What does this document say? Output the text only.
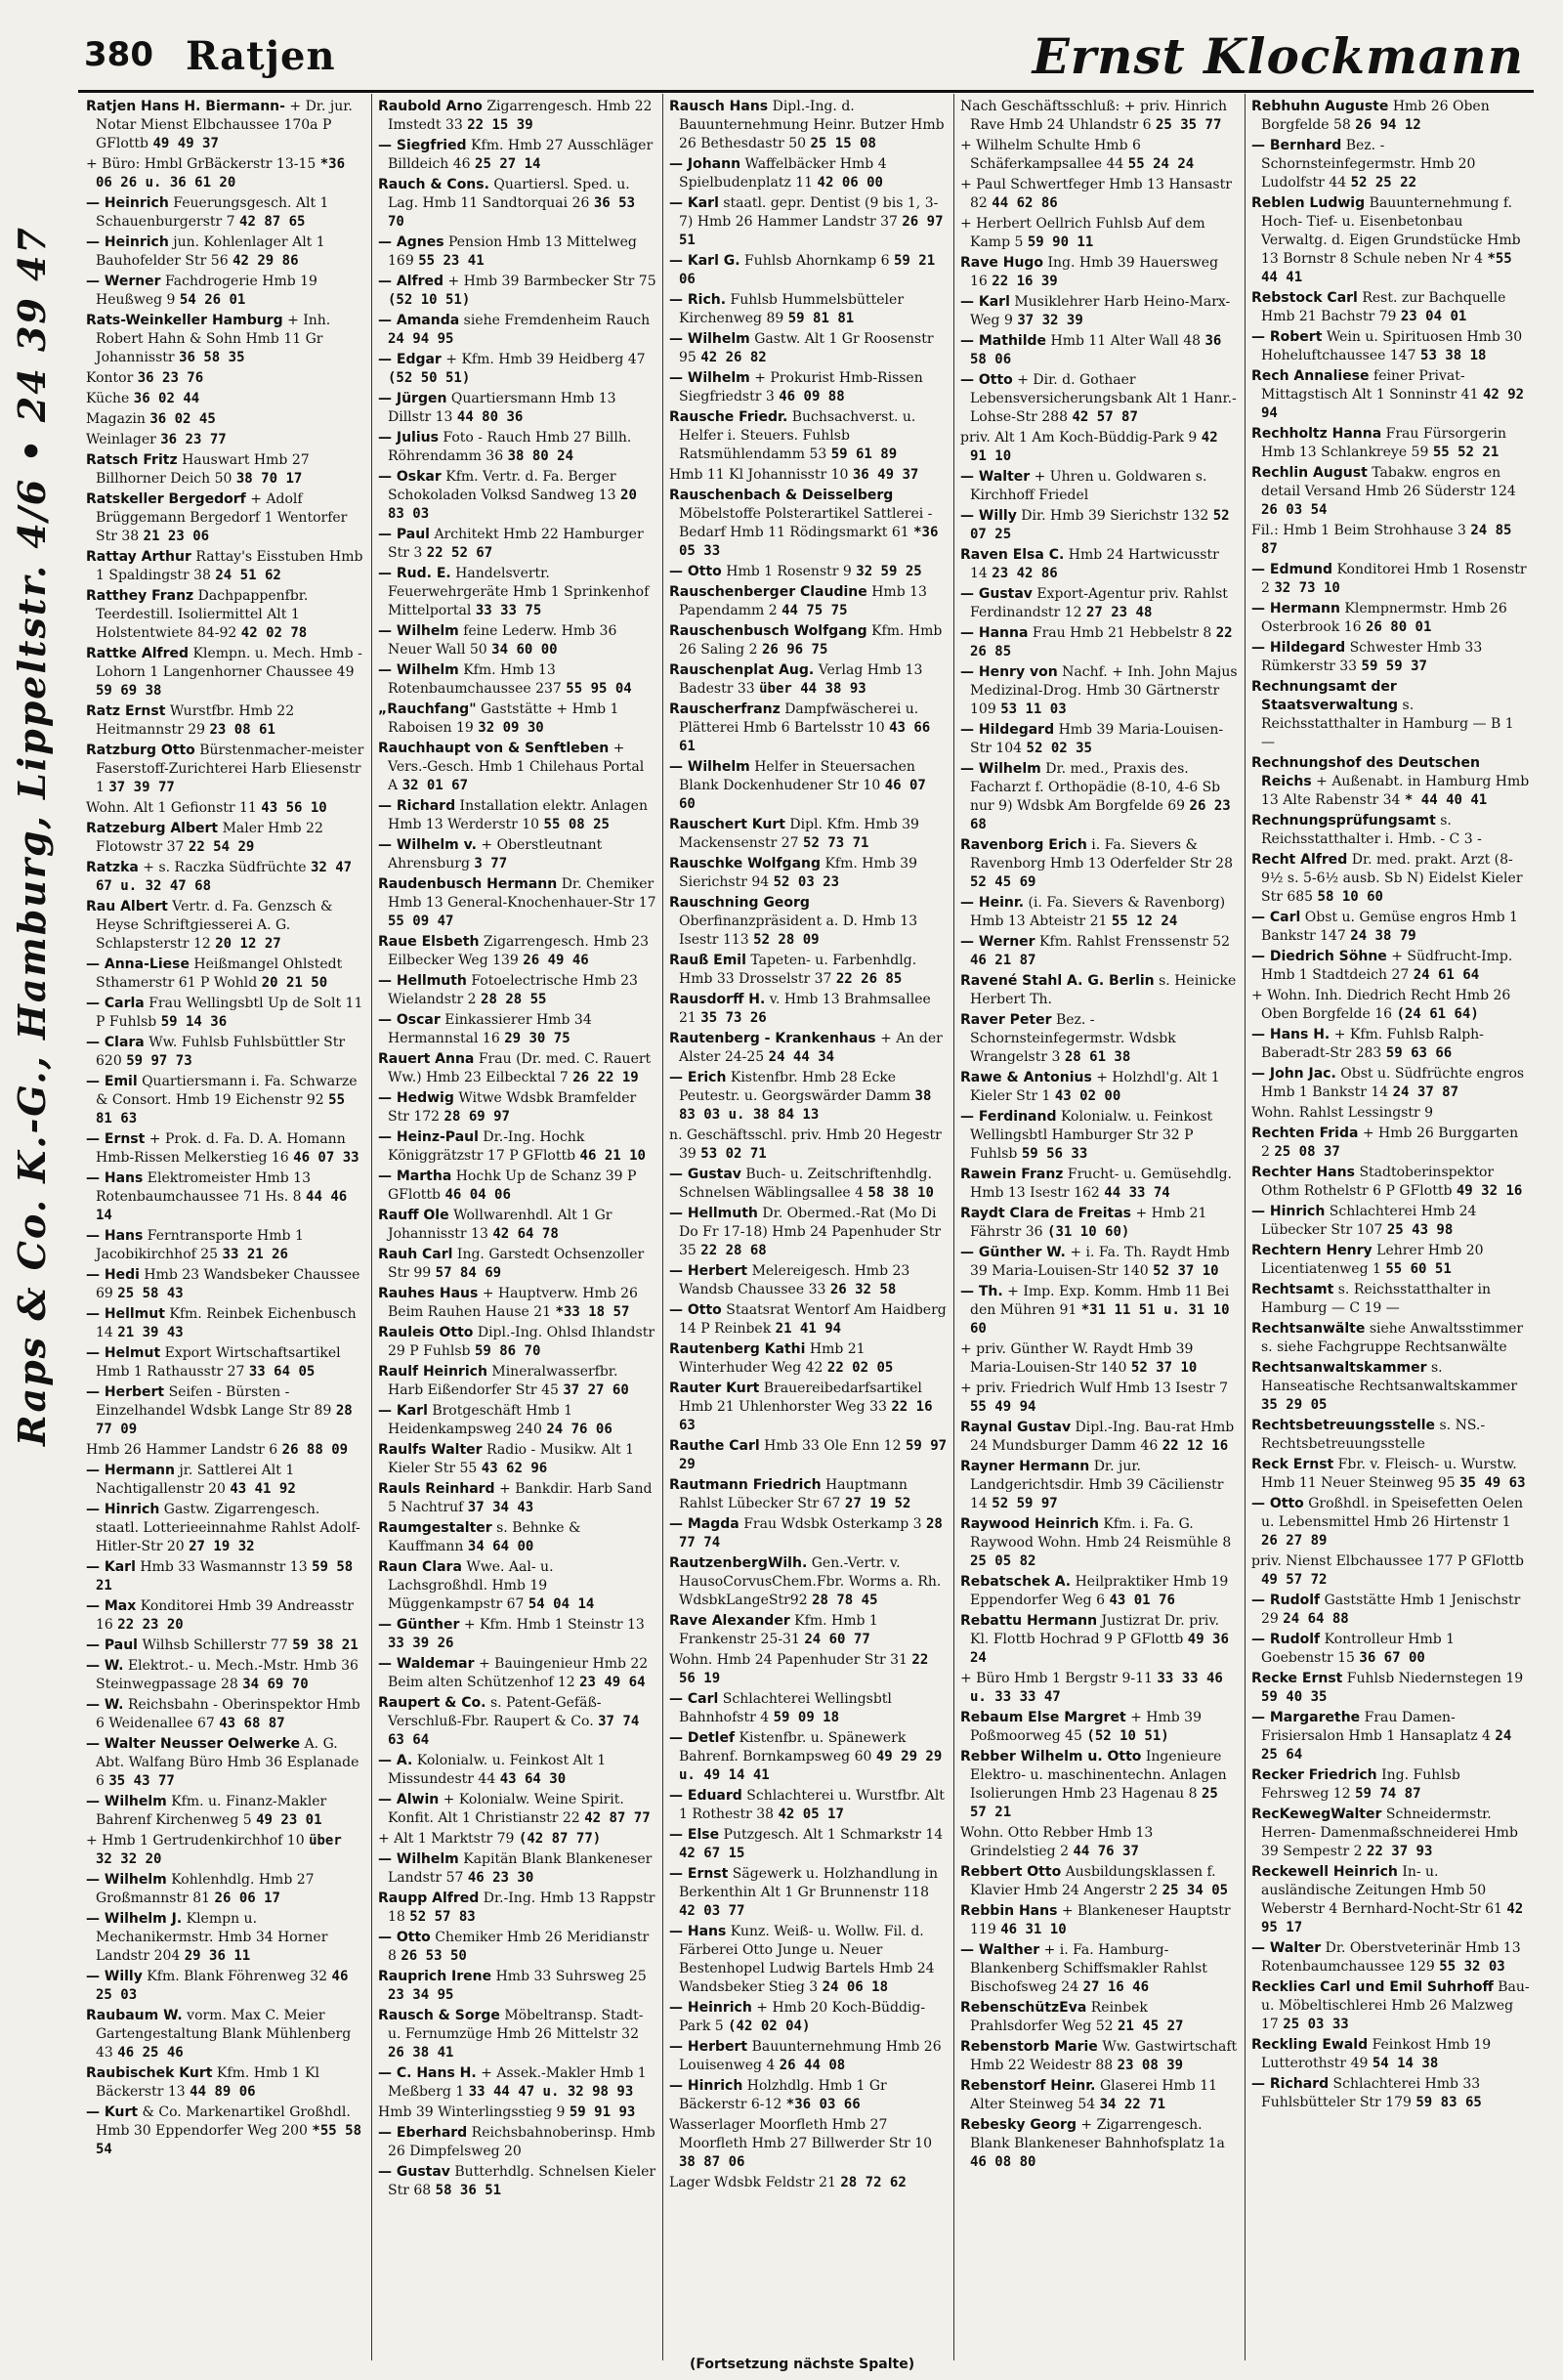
380 Ratjen	Ernst Klockmann
Raps & Co. K.-G., Hamburg, Lippeltstr. 4/6 • 24 39 47
Ratjen Hans H. Biermann- + Dr. jur. Notar Mienst Elbchaussee 170a P GFlottb 49 49 37
+ Büro: Hmbl GrBäckerstr 13-15 *36 06 26 u. 36 61 20
— Heinrich Feuerungsgesch. Alt 1 Schauenburgerstr 7 42 87 65
— Heinrich jun. Kohlenlager Alt 1 Bauhofelder Str 56 42 29 86
— Werner Fachdrogerie Hmb 19 Heußweg 9 54 26 01
Rats-Weinkeller Hamburg + Inh. Robert Hahn & Sohn Hmb 11 Gr Johannisstr 36 58 35
Kontor 36 23 76
Küche 36 02 44
Magazin 36 02 45
Weinlager 36 23 77
Ratsch Fritz Hauswart Hmb 27 Billhorner Deich 50 38 70 17
Ratskeller Bergedorf + Adolf Brüggemann Bergedorf 1 Wentorfer Str 38 21 23 06
Rattay Arthur Rattay's Eisstuben Hmb 1 Spaldingstr 38 24 51 62
Ratthey Franz Dachpappenfbr. Teerdestill. Isoliermittel Alt 1 Holstentwiete 84-92 42 02 78
Rattke Alfred Klempn. u. Mech. Hmb - Lohorn 1 Langenhorner Chaussee 49 59 69 38
Ratz Ernst Wurstfbr. Hmb 22 Heitmannstr 29 23 08 61
Ratzburg Otto Bürstenmacher-meister Faserstoff-Zurichterei Harb Eliesenstr 1 37 39 77
Wohn. Alt 1 Gefionstr 11 43 56 10
Ratzeburg Albert Maler Hmb 22 Flotowstr 37 22 54 29
Ratzka + s. Raczka Südfrüchte 32 47 67 u. 32 47 68
Rau Albert Vertr. d. Fa. Genzsch & Heyse Schriftgiesserei A. G. Schlapsterstr 12 20 12 27
— Anna-Liese Heißmangel Ohlstedt Sthamerstr 61 P Wohld 20 21 50
— Carla Frau Wellingsbtl Up de Solt 11 P Fuhlsb 59 14 36
— Clara Ww. Fuhlsb Fuhlsbüttler Str 620 59 97 73
— Emil Quartiersmann i. Fa. Schwarze & Consort. Hmb 19 Eichenstr 92 55 81 63
— Ernst + Prok. d. Fa. D. A. Homann Hmb-Rissen Melkerstieg 16 46 07 33
— Hans Elektromeister Hmb 13 Rotenbaumchaussee 71 Hs. 8 44 46 14
— Hans Ferntransporte Hmb 1 Jacobikirchhof 25 33 21 26
— Hedi Hmb 23 Wandsbeker Chaussee 69 25 58 43
— Hellmut Kfm. Reinbek Eichenbusch 14 21 39 43
— Helmut Export Wirtschaftsartikel Hmb 1 Rathausstr 27 33 64 05
— Herbert Seifen - Bürsten - Einzelhandel Wdsbk Lange Str 89 28 77 09
Hmb 26 Hammer Landstr 6 26 88 09
— Hermann jr. Sattlerei Alt 1 Nachtigallenstr 20 43 41 92
— Hinrich Gastw. Zigarrengesch. staatl. Lotterieeinnahme Rahlst Adolf-Hitler-Str 20 27 19 32
— Karl Hmb 33 Wasmannstr 13 59 58 21
— Max Konditorei Hmb 39 Andreasstr 16 22 23 20
— Paul Wilhsb Schillerstr 77 59 38 21
— W. Elektrot.- u. Mech.-Mstr. Hmb 36 Steinwegpassage 28 34 69 70
— W. Reichsbahn - Oberinspektor Hmb 6 Weidenallee 67 43 68 87
— Walter Neusser Oelwerke A. G. Abt. Walfang Büro Hmb 36 Esplanade 6 35 43 77
— Wilhelm Kfm. u. Finanz-Makler Bahrenf Kirchenweg 5 49 23 01
+ Hmb 1 Gertrudenkirchhof 10 über 32 32 20
— Wilhelm Kohlenhdlg. Hmb 27 Großmannstr 81 26 06 17
— Wilhelm J. Klempn u. Mechanikermstr. Hmb 34 Horner Landstr 204 29 36 11
— Willy Kfm. Blank Föhrenweg 32 46 25 03
Raubaum W. vorm. Max C. Meier Gartengestaltung Blank Mühlenberg 43 46 25 46
Raubischek Kurt Kfm. Hmb 1 Kl Bäckerstr 13 44 89 06
— Kurt & Co. Markenartikel Großhdl. Hmb 30 Eppendorfer Weg 200 *55 58 54
Raubold Arno Zigarrengesch. Hmb 22 Imstedt 33 22 15 39
— Siegfried Kfm. Hmb 27 Ausschläger Billdeich 46 25 27 14
Rauch & Cons. Quartiersl. Sped. u. Lag. Hmb 11 Sandtorquai 26 36 53 70
— Agnes Pension Hmb 13 Mittelweg 169 55 23 41
— Alfred + Hmb 39 Barmbecker Str 75 (52 10 51)
— Amanda siehe Fremdenheim Rauch 24 94 95
— Edgar + Kfm. Hmb 39 Heidberg 47 (52 50 51)
— Jürgen Quartiersmann Hmb 13 Dillstr 13 44 80 36
— Julius Foto - Rauch Hmb 27 Billh. Röhrendamm 36 38 80 24
— Oskar Kfm. Vertr. d. Fa. Berger Schokoladen Volksd Sandweg 13 20 83 03
— Paul Architekt Hmb 22 Hamburger Str 3 22 52 67
— Rud. E. Handelsvertr. Feuerwehrgeräte Hmb 1 Sprinkenhof Mittelportal 33 33 75
— Wilhelm feine Lederw. Hmb 36 Neuer Wall 50 34 60 00
— Wilhelm Kfm. Hmb 13 Rotenbaumchaussee 237 55 95 04
„Rauchfang" Gaststätte + Hmb 1 Raboisen 19 32 09 30
Rauchhaupt von & Senftleben + Vers.-Gesch. Hmb 1 Chilehaus Portal A 32 01 67
— Richard Installation elektr. Anlagen Hmb 13 Werderstr 10 55 08 25
— Wilhelm v. + Oberstleutnant Ahrensburg 3 77
Raudenbusch Hermann Dr. Chemiker Hmb 13 General-Knochenhauer-Str 17 55 09 47
Raue Elsbeth Zigarrengesch. Hmb 23 Eilbecker Weg 139 26 49 46
— Hellmuth Fotoelectrische Hmb 23 Wielandstr 2 28 28 55
— Oscar Einkassierer Hmb 34 Hermannstal 16 29 30 75
Rauert Anna Frau (Dr. med. C. Rauert Ww.) Hmb 23 Eilbecktal 7 26 22 19
— Hedwig Witwe Wdsbk Bramfelder Str 172 28 69 97
— Heinz-Paul Dr.-Ing. Hochk Königgrätzstr 17 P GFlottb 46 21 10
— Martha Hochk Up de Schanz 39 P GFlottb 46 04 06
Rauff Ole Wollwarenhdl. Alt 1 Gr Johannisstr 13 42 64 78
Rauh Carl Ing. Garstedt Ochsenzoller Str 99 57 84 69
Rauhes Haus + Hauptverw. Hmb 26 Beim Rauhen Hause 21 *33 18 57
Rauleis Otto Dipl.-Ing. Ohlsd Ihlandstr 29 P Fuhlsb 59 86 70
Raulf Heinrich Mineralwasserfbr. Harb Eißendorfer Str 45 37 27 60
— Karl Brotgeschäft Hmb 1 Heidenkampsweg 240 24 76 06
Raulfs Walter Radio - Musikw. Alt 1 Kieler Str 55 43 62 96
Rauls Reinhard + Bankdir. Harb Sand 5 Nachtruf 37 34 43
Raumgestalter s. Behnke & Kauffmann 34 64 00
Raun Clara Wwe. Aal- u. Lachsgroßhdl. Hmb 19 Müggenkampstr 67 54 04 14
— Günther + Kfm. Hmb 1 Steinstr 13 33 39 26
— Waldemar + Bauingenieur Hmb 22 Beim alten Schützenhof 12 23 49 64
Raupert & Co. s. Patent-Gefäß-Verschluß-Fbr. Raupert & Co. 37 74 63 64
— A. Kolonialw. u. Feinkost Alt 1 Missundestr 44 43 64 30
— Alwin + Kolonialw. Weine Spirit. Konfit. Alt 1 Christianstr 22 42 87 77
+ Alt 1 Marktstr 79 (42 87 77)
— Wilhelm Kapitän Blank Blankeneser Landstr 57 46 23 30
Raupp Alfred Dr.-Ing. Hmb 13 Rappstr 18 52 57 83
— Otto Chemiker Hmb 26 Meridianstr 8 26 53 50
Rauprich Irene Hmb 33 Suhrsweg 25 23 34 95
Rausch & Sorge Möbeltransp. Stadt- u. Fernumzüge Hmb 26 Mittelstr 32 26 38 41
— C. Hans H. + Assek.-Makler Hmb 1 Meßberg 1 33 44 47 u. 32 98 93
Hmb 39 Winterlingsstieg 9 59 91 93
— Eberhard Reichsbahnoberinsp. Hmb 26 Dimpfelsweg 20
— Gustav Butterhdlg. Schnelsen Kieler Str 68 58 36 51
Rausch Hans Dipl.-Ing. d. Bauunternehmung Heinr. Butzer Hmb 26 Bethesdastr 50 25 15 08
— Johann Waffelbäcker Hmb 4 Spielbudenplatz 11 42 06 00
— Karl staatl. gepr. Dentist (9 bis 1, 3-7) Hmb 26 Hammer Landstr 37 26 97 51
— Karl G. Fuhlsb Ahornkamp 6 59 21 06
— Rich. Fuhlsb Hummelsbütteler Kirchenweg 89 59 81 81
— Wilhelm Gastw. Alt 1 Gr Roosenstr 95 42 26 82
— Wilhelm + Prokurist Hmb-Rissen Siegfriedstr 3 46 09 88
Rausche Friedr. Buchsachverst. u. Helfer i. Steuers. Fuhlsb Ratsmühlendamm 53 59 61 89
Hmb 11 Kl Johannisstr 10 36 49 37
Rauschenbach & Deisselberg Möbelstoffe Polsterartikel Sattlerei - Bedarf Hmb 11 Rödingsmarkt 61 *36 05 33
— Otto Hmb 1 Rosenstr 9 32 59 25
Rauschenberger Claudine Hmb 13 Papendamm 2 44 75 75
Rauschenbusch Wolfgang Kfm. Hmb 26 Saling 2 26 96 75
Rauschenplat Aug. Verlag Hmb 13 Badestr 33 über 44 38 93
Rauscherfranz Dampfwäscherei u. Plätterei Hmb 6 Bartelsstr 10 43 66 61
— Wilhelm Helfer in Steuersachen Blank Dockenhudener Str 10 46 07 60
Rauschert Kurt Dipl. Kfm. Hmb 39 Mackensenstr 27 52 73 71
Rauschke Wolfgang Kfm. Hmb 39 Sierichstr 94 52 03 23
Rauschning Georg Oberfinanzpräsident a. D. Hmb 13 Isestr 113 52 28 09
Rauß Emil Tapeten- u. Farbenhdlg. Hmb 33 Drosselstr 37 22 26 85
Rausdorff H. v. Hmb 13 Brahmsallee 21 35 73 26
Rautenberg - Krankenhaus + An der Alster 24-25 24 44 34
— Erich Kistenfbr. Hmb 28 Ecke Peutestr. u. Georgswärder Damm 38 83 03 u. 38 84 13
n. Geschäftsschl. priv. Hmb 20 Hegestr 39 53 02 71
— Gustav Buch- u. Zeitschriftenhdlg. Schnelsen Wäblingsallee 4 58 38 10
— Hellmuth Dr. Obermed.-Rat (Mo Di Do Fr 17-18) Hmb 24 Papenhuder Str 35 22 28 68
— Herbert Melereigesch. Hmb 23 Wandsb Chaussee 33 26 32 58
— Otto Staatsrat Wentorf Am Haidberg 14 P Reinbek 21 41 94
Rautenberg Kathi Hmb 21 Winterhuder Weg 42 22 02 05
Rauter Kurt Brauereibedarfsartikel Hmb 21 Uhlenhorster Weg 33 22 16 63
Rauthe Carl Hmb 33 Ole Enn 12 59 97 29
Rautmann Friedrich Hauptmann Rahlst Lübecker Str 67 27 19 52
— Magda Frau Wdsbk Osterkamp 3 28 77 74
RautzenbergWilh. Gen.-Vertr. v. HausoCorvusChem.Fbr. Worms a. Rh. WdsbkLangeStr92 28 78 45
Rave Alexander Kfm. Hmb 1 Frankenstr 25-31 24 60 77
Wohn. Hmb 24 Papenhuder Str 31 22 56 19
— Carl Schlachterei Wellingsbtl Bahnhofstr 4 59 09 18
— Detlef Kistenfbr. u. Spänewerk Bahrenf. Bornkampsweg 60 49 29 29 u. 49 14 41
— Eduard Schlachterei u. Wurstfbr. Alt 1 Rothestr 38 42 05 17
— Else Putzgesch. Alt 1 Schmarkstr 14 42 67 15
— Ernst Sägewerk u. Holzhandlung in Berkenthin Alt 1 Gr Brunnenstr 118 42 03 77
— Hans Kunz. Weiß- u. Wollw. Fil. d. Färberei Otto Junge u. Neuer Bestenhopel Ludwig Bartels Hmb 24 Wandsbeker Stieg 3 24 06 18
— Heinrich + Hmb 20 Koch-Büddig-Park 5 (42 02 04)
— Herbert Bauunternehmung Hmb 26 Louisenweg 4 26 44 08
— Hinrich Holzhdlg. Hmb 1 Gr Bäckerstr 6-12 *36 03 66
Wasserlager Moorfleth Hmb 27 Moorfleth Hmb 27 Billwerder Str 10 38 87 06
Lager Wdsbk Feldstr 21 28 72 62
Nach Geschäftsschluß: + priv. Hinrich Rave Hmb 24 Uhlandstr 6 25 35 77
+ Wilhelm Schulte Hmb 6 Schäferkampsallee 44 55 24 24
+ Paul Schwertfeger Hmb 13 Hansastr 82 44 62 86
+ Herbert Oellrich Fuhlsb Auf dem Kamp 5 59 90 11
Rave Hugo Ing. Hmb 39 Hauersweg 16 22 16 39
— Karl Musiklehrer Harb Heino-Marx-Weg 9 37 32 39
— Mathilde Hmb 11 Alter Wall 48 36 58 06
— Otto + Dir. d. Gothaer Lebensversicherungsbank Alt 1 Hanr.-Lohse-Str 288 42 57 87
priv. Alt 1 Am Koch-Büddig-Park 9 42 91 10
— Walter + Uhren u. Goldwaren s. Kirchhoff Friedel
— Willy Dir. Hmb 39 Sierichstr 132 52 07 25
Raven Elsa C. Hmb 24 Hartwicusstr 14 23 42 86
— Gustav Export-Agentur priv. Rahlst Ferdinandstr 12 27 23 48
— Hanna Frau Hmb 21 Hebbelstr 8 22 26 85
— Henry von Nachf. + Inh. John Majus Medizinal-Drog. Hmb 30 Gärtnerstr 109 53 11 03
— Hildegard Hmb 39 Maria-Louisen-Str 104 52 02 35
— Wilhelm Dr. med., Praxis des. Facharzt f. Orthopädie (8-10, 4-6 Sb nur 9) Wdsbk Am Borgfelde 69 26 23 68
Ravenborg Erich i. Fa. Sievers & Ravenborg Hmb 13 Oderfelder Str 28 52 45 69
— Heinr. (i. Fa. Sievers & Ravenborg) Hmb 13 Abteistr 21 55 12 24
— Werner Kfm. Rahlst Frenssenstr 52 46 21 87
Ravené Stahl A. G. Berlin s. Heinicke Herbert Th.
Raver Peter Bez. - Schornsteinfegermstr. Wdsbk Wrangelstr 3 28 61 38
Rawe & Antonius + Holzhdl'g. Alt 1 Kieler Str 1 43 02 00
— Ferdinand Kolonialw. u. Feinkost Wellingsbtl Hamburger Str 32 P Fuhlsb 59 56 33
Rawein Franz Frucht- u. Gemüsehdlg. Hmb 13 Isestr 162 44 33 74
Raydt Clara de Freitas + Hmb 21 Fährstr 36 (31 10 60)
— Günther W. + i. Fa. Th. Raydt Hmb 39 Maria-Louisen-Str 140 52 37 10
— Th. + Imp. Exp. Komm. Hmb 11 Bei den Mühren 91 *31 11 51 u. 31 10 60
+ priv. Günther W. Raydt Hmb 39 Maria-Louisen-Str 140 52 37 10
+ priv. Friedrich Wulf Hmb 13 Isestr 7 55 49 94
Raynal Gustav Dipl.-Ing. Bau-rat Hmb 24 Mundsburger Damm 46 22 12 16
Rayner Hermann Dr. jur. Landgerichtsdir. Hmb 39 Cäcilienstr 14 52 59 97
Raywood Heinrich Kfm. i. Fa. G. Raywood Wohn. Hmb 24 Reismühle 8 25 05 82
Rebatschek A. Heilpraktiker Hmb 19 Eppendorfer Weg 6 43 01 76
Rebattu Hermann Justizrat Dr. priv. Kl. Flottb Hochrad 9 P GFlottb 49 36 24
+ Büro Hmb 1 Bergstr 9-11 33 33 46 u. 33 33 47
Rebaum Else Margret + Hmb 39 Poßmoorweg 45 (52 10 51)
Rebber Wilhelm u. Otto Ingenieure Elektro- u. maschinentechn. Anlagen Isolierungen Hmb 23 Hagenau 8 25 57 21
Wohn. Otto Rebber Hmb 13 Grindelstieg 2 44 76 37
Rebbert Otto Ausbildungsklassen f. Klavier Hmb 24 Angerstr 2 25 34 05
Rebbin Hans + Blankeneser Hauptstr 119 46 31 10
— Walther + i. Fa. Hamburg-Blankenberg Schiffsmakler Rahlst Bischofsweg 24 27 16 46
RebenschützEva Reinbek Prahlsdorfer Weg 52 21 45 27
Rebenstorb Marie Ww. Gastwirtschaft Hmb 22 Weidestr 88 23 08 39
Rebenstorf Heinr. Glaserei Hmb 11 Alter Steinweg 54 34 22 71
Rebesky Georg + Zigarrengesch. Blank Blankeneser Bahnhofsplatz 1a 46 08 80
Rebhuhn Auguste Hmb 26 Oben Borgfelde 58 26 94 12
— Bernhard Bez. - Schornsteinfegermstr. Hmb 20 Ludolfstr 44 52 25 22
Reblen Ludwig Bauunternehmung f. Hoch- Tief- u. Eisenbetonbau Verwaltg. d. Eigen Grundstücke Hmb 13 Bornstr 8 Schule neben Nr 4 *55 44 41
Rebstock Carl Rest. zur Bachquelle Hmb 21 Bachstr 79 23 04 01
— Robert Wein u. Spirituosen Hmb 30 Hoheluftchaussee 147 53 38 18
Rech Annaliese feiner Privat-Mittagstisch Alt 1 Sonninstr 41 42 92 94
Rechholtz Hanna Frau Fürsorgerin Hmb 13 Schlankreye 59 55 52 21
Rechlin August Tabakw. engros en detail Versand Hmb 26 Süderstr 124 26 03 54
Fil.: Hmb 1 Beim Strohhause 3 24 85 87
— Edmund Konditorei Hmb 1 Rosenstr 2 32 73 10
— Hermann Klempnermstr. Hmb 26 Osterbrook 16 26 80 01
— Hildegard Schwester Hmb 33 Rümkerstr 33 59 59 37
Rechnungsamt der Staatsverwaltung s. Reichsstatthalter in Hamburg — B 1 —
Rechnungshof des Deutschen Reichs + Außenabt. in Hamburg Hmb 13 Alte Rabenstr 34 * 44 40 41
Rechnungsprüfungsamt s. Reichsstatthalter i. Hmb. - C 3 -
Recht Alfred Dr. med. prakt. Arzt (8-9½ s. 5-6½ ausb. Sb N) Eidelst Kieler Str 685 58 10 60
— Carl Obst u. Gemüse engros Hmb 1 Bankstr 147 24 38 79
— Diedrich Söhne + Südfrucht-Imp. Hmb 1 Stadtdeich 27 24 61 64
+ Wohn. Inh. Diedrich Recht Hmb 26 Oben Borgfelde 16 (24 61 64)
— Hans H. + Kfm. Fuhlsb Ralph-Baberadt-Str 283 59 63 66
— John Jac. Obst u. Südfrüchte engros Hmb 1 Bankstr 14 24 37 87
Wohn. Rahlst Lessingstr 9
Rechten Frida + Hmb 26 Burggarten 2 25 08 37
Rechter Hans Stadtoberinspektor Othm Rothelstr 6 P GFlottb 49 32 16
— Hinrich Schlachterei Hmb 24 Lübecker Str 107 25 43 98
Rechtern Henry Lehrer Hmb 20 Licentiatenweg 1 55 60 51
Rechtsamt s. Reichsstatthalter in Hamburg — C 19 —
Rechtsanwälte siehe Anwaltsstimmer s. siehe Fachgruppe Rechtsanwälte
Rechtsanwaltskammer s. Hanseatische Rechtsanwaltskammer 35 29 05
Rechtsbetreuungsstelle s. NS.-Rechtsbetreuungsstelle
Reck Ernst Fbr. v. Fleisch- u. Wurstw. Hmb 11 Neuer Steinweg 95 35 49 63
— Otto Großhdl. in Speisefetten Oelen u. Lebensmittel Hmb 26 Hirtenstr 1 26 27 89
priv. Nienst Elbchaussee 177 P GFlottb 49 57 72
— Rudolf Gaststätte Hmb 1 Jenischstr 29 24 64 88
— Rudolf Kontrolleur Hmb 1 Goebenstr 15 36 67 00
Recke Ernst Fuhlsb Niedernstegen 19 59 40 35
— Margarethe Frau Damen-Frisiersalon Hmb 1 Hansaplatz 4 24 25 64
Recker Friedrich Ing. Fuhlsb Fehrsweg 12 59 74 87
RecKewegWalter Schneidermstr. Herren- Damenmaßschneiderei Hmb 39 Sempestr 2 22 37 93
Reckewell Heinrich In- u. ausländische Zeitungen Hmb 50 Weberstr 4 Bernhard-Nocht-Str 61 42 95 17
— Walter Dr. Oberstveterinär Hmb 13 Rotenbaumchaussee 129 55 32 03
Recklies Carl und Emil Suhrhoff Bau- u. Möbeltischlerei Hmb 26 Malzweg 17 25 03 33
Reckling Ewald Feinkost Hmb 19 Lutterothstr 49 54 14 38
— Richard Schlachterei Hmb 33 Fuhlsbütteler Str 179 59 83 65
(Fortsetzung nächste Spalte)
